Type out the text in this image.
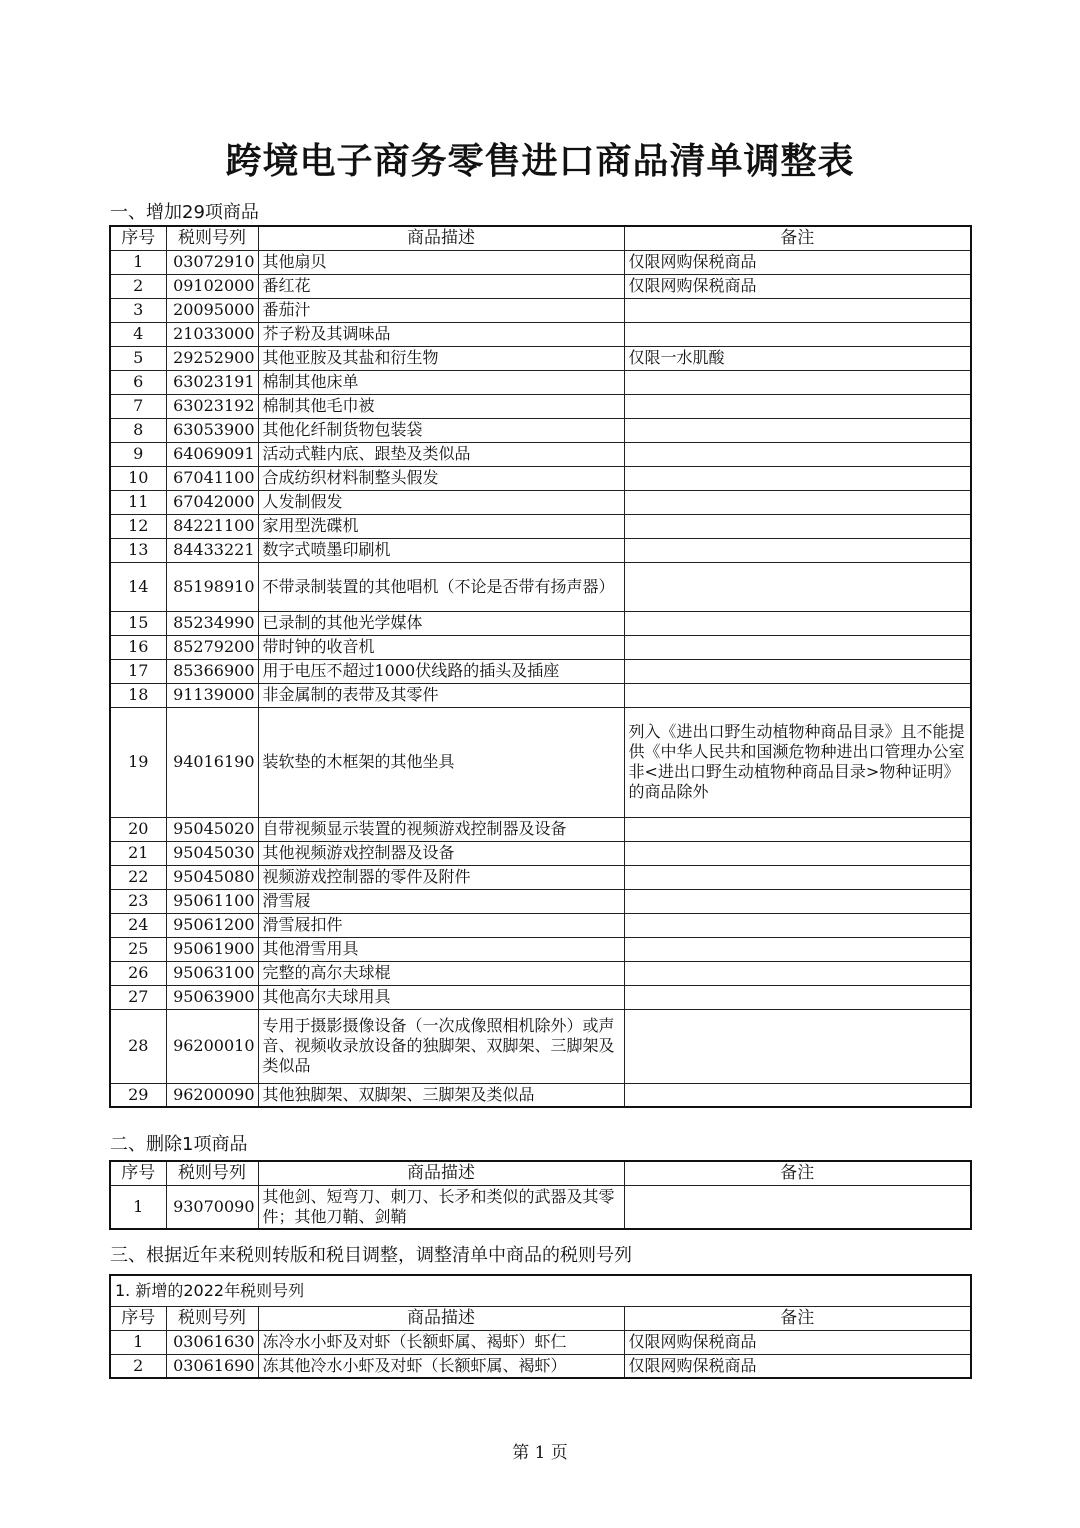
跨境电子商务零售进口商品清单调整表
一、增加29项商品
序号	税则号列	商品描述	备注
1	03072910	其他扇贝	仅限网购保税商品
2	09102000	番红花	仅限网购保税商品
3	20095000	番茄汁	
4	21033000	芥子粉及其调味品	
5	29252900	其他亚胺及其盐和衍生物	仅限一水肌酸
6	63023191	棉制其他床单	
7	63023192	棉制其他毛巾被	
8	63053900	其他化纤制货物包装袋	
9	64069091	活动式鞋内底、跟垫及类似品	
10	67041100	合成纺织材料制整头假发	
11	67042000	人发制假发	
12	84221100	家用型洗碟机	
13	84433221	数字式喷墨印刷机	
14	85198910	不带录制装置的其他唱机（不论是否带有扬声器）	
15	85234990	已录制的其他光学媒体	
16	85279200	带时钟的收音机	
17	85366900	用于电压不超过1000伏线路的插头及插座	
18	91139000	非金属制的表带及其零件	
19	94016190	装软垫的木框架的其他坐具	列入《进出口野生动植物种商品目录》且不能提供《中华人民共和国濒危物种进出口管理办公室非<进出口野生动植物种商品目录>物种证明》的商品除外
20	95045020	自带视频显示装置的视频游戏控制器及设备	
21	95045030	其他视频游戏控制器及设备	
22	95045080	视频游戏控制器的零件及附件	
23	95061100	滑雪屐	
24	95061200	滑雪屐扣件	
25	95061900	其他滑雪用具	
26	95063100	完整的高尔夫球棍	
27	95063900	其他高尔夫球用具	
28	96200010	专用于摄影摄像设备（一次成像照相机除外）或声音、视频收录放设备的独脚架、双脚架、三脚架及类似品	
29	96200090	其他独脚架、双脚架、三脚架及类似品	
二、删除1项商品
序号	税则号列	商品描述	备注
1	93070090	其他剑、短弯刀、刺刀、长矛和类似的武器及其零件；其他刀鞘、剑鞘	
三、根据近年来税则转版和税目调整，调整清单中商品的税则号列
1. 新增的2022年税则号列			
序号	税则号列	商品描述	备注
1	03061630	冻冷水小虾及对虾（长额虾属、褐虾）虾仁	仅限网购保税商品
2	03061690	冻其他冷水小虾及对虾（长额虾属、褐虾）	仅限网购保税商品
第 1 页
